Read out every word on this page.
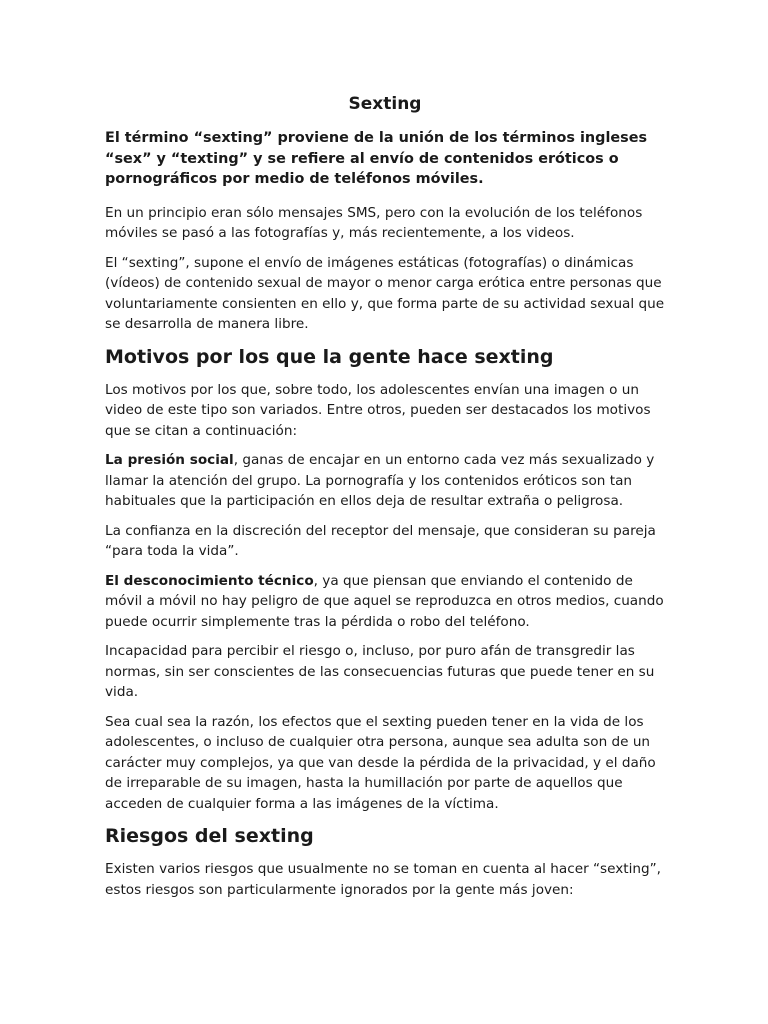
Sexting

El término “sexting” proviene de la unión de los términos ingleses “sex” y “texting” y se refiere al envío de contenidos eróticos o pornográficos por medio de teléfonos móviles.

En un principio eran sólo mensajes SMS, pero con la evolución de los teléfonos móviles se pasó a las fotografías y, más recientemente, a los videos.

El “sexting”, supone el envío de imágenes estáticas (fotografías) o dinámicas (vídeos) de contenido sexual de mayor o menor carga erótica entre personas que voluntariamente consienten en ello y, que forma parte de su actividad sexual que se desarrolla de manera libre.

Motivos por los que la gente hace sexting

Los motivos por los que, sobre todo, los adolescentes envían una imagen o un video de este tipo son variados. Entre otros, pueden ser destacados los motivos que se citan a continuación:

La presión social, ganas de encajar en un entorno cada vez más sexualizado y llamar la atención del grupo. La pornografía y los contenidos eróticos son tan habituales que la participación en ellos deja de resultar extraña o peligrosa.

La confianza en la discreción del receptor del mensaje, que consideran su pareja “para toda la vida”.

El desconocimiento técnico, ya que piensan que enviando el contenido de móvil a móvil no hay peligro de que aquel se reproduzca en otros medios, cuando puede ocurrir simplemente tras la pérdida o robo del teléfono.

Incapacidad para percibir el riesgo o, incluso, por puro afán de transgredir las normas, sin ser conscientes de las consecuencias futuras que puede tener en su vida.

Sea cual sea la razón, los efectos que el sexting pueden tener en la vida de los adolescentes, o incluso de cualquier otra persona, aunque sea adulta son de un carácter muy complejos, ya que van desde la pérdida de la privacidad, y el daño de irreparable de su imagen, hasta la humillación por parte de aquellos que acceden de cualquier forma a las imágenes de la víctima.

Riesgos del sexting

Existen varios riesgos que usualmente no se toman en cuenta al hacer “sexting”, estos riesgos son particularmente ignorados por la gente más joven:
